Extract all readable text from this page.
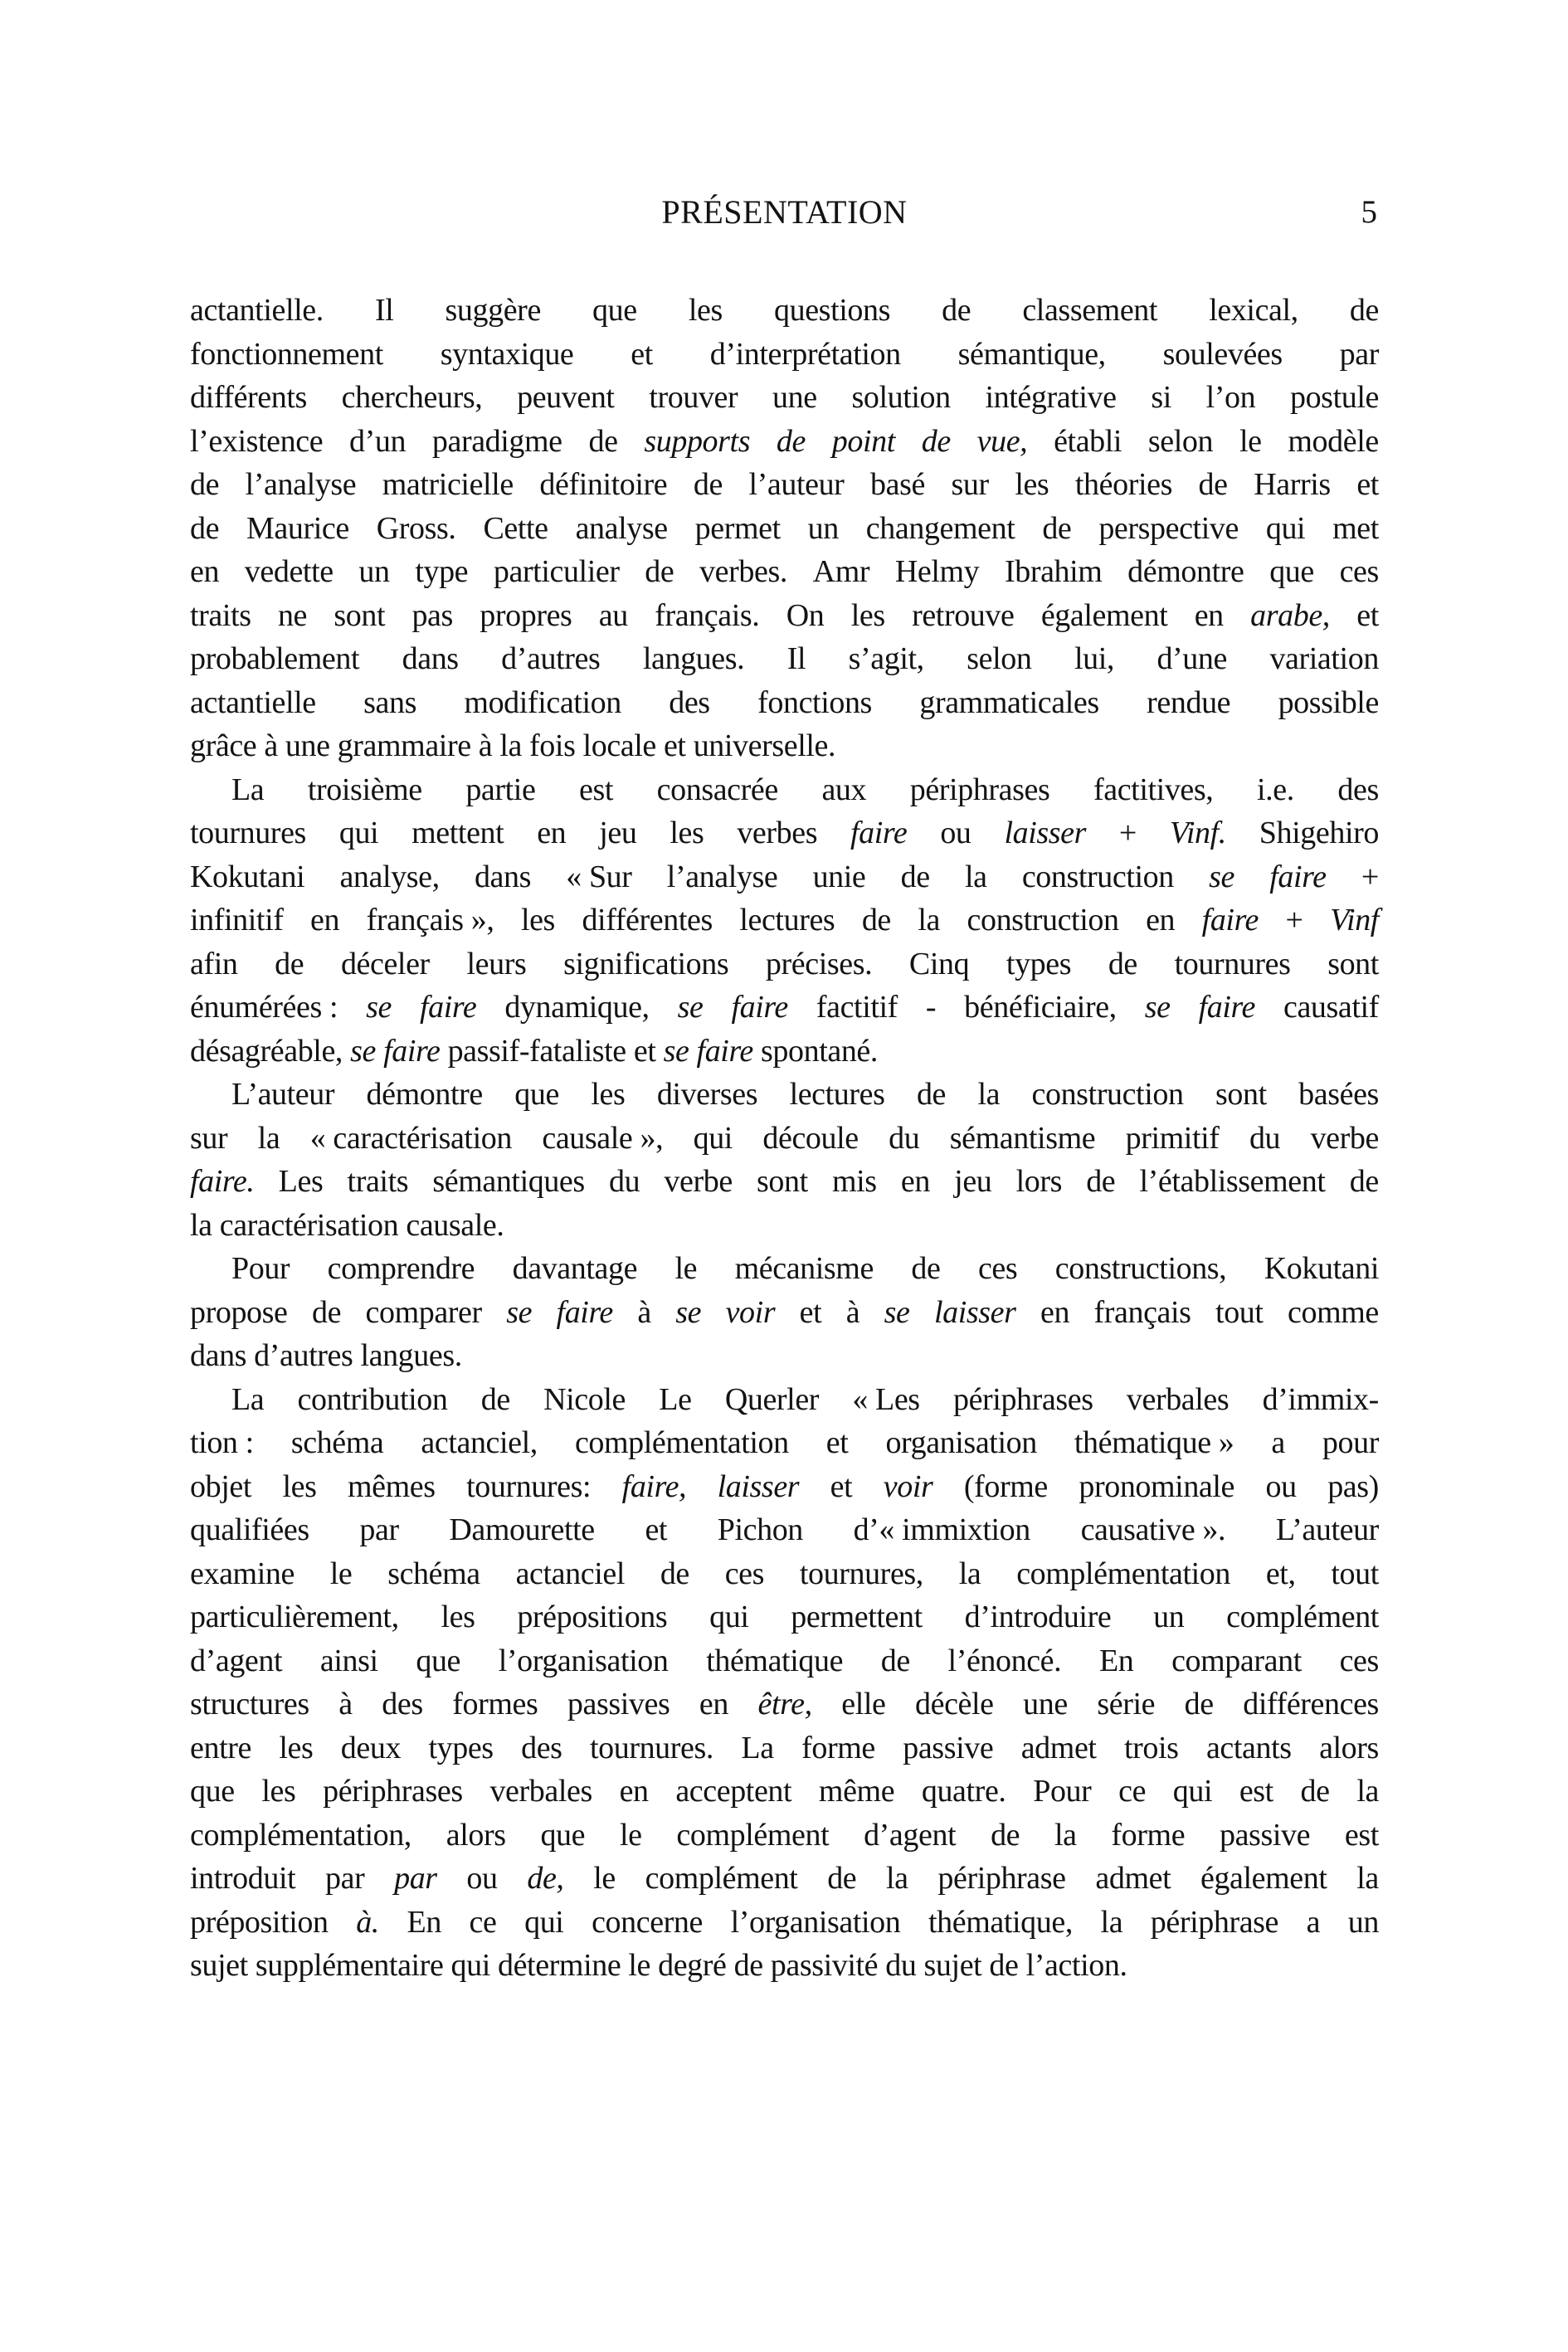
PRÉSENTATION	5
actantielle. Il suggère que les questions de classement lexical, de
fonctionnement syntaxique et d’interprétation sémantique, soulevées par
différents chercheurs, peuvent trouver une solution intégrative si l’on postule
l’existence d’un paradigme de supports de point de vue, établi selon le modèle
de l’analyse matricielle définitoire de l’auteur basé sur les théories de Harris et
de Maurice Gross. Cette analyse permet un changement de perspective qui met
en vedette un type particulier de verbes. Amr Helmy Ibrahim démontre que ces
traits ne sont pas propres au français. On les retrouve également en arabe, et
probablement dans d’autres langues. Il s’agit, selon lui, d’une variation
actantielle sans modification des fonctions grammaticales rendue possible
grâce à une grammaire à la fois locale et universelle.
La troisième partie est consacrée aux périphrases factitives, i.e. des
tournures qui mettent en jeu les verbes faire ou laisser + Vinf. Shigehiro
Kokutani analyse, dans « Sur l’analyse unie de la construction se faire +
infinitif en français », les différentes lectures de la construction en faire + Vinf
afin de déceler leurs significations précises. Cinq types de tournures sont
énumérées : se faire dynamique, se faire factitif - bénéficiaire, se faire causatif
désagréable, se faire passif-fataliste et se faire spontané.
L’auteur démontre que les diverses lectures de la construction sont basées
sur la « caractérisation causale », qui découle du sémantisme primitif du verbe
faire. Les traits sémantiques du verbe sont mis en jeu lors de l’établissement de
la caractérisation causale.
Pour comprendre davantage le mécanisme de ces constructions, Kokutani
propose de comparer se faire à se voir et à se laisser en français tout comme
dans d’autres langues.
La contribution de Nicole Le Querler « Les périphrases verbales d’immix-
tion : schéma actanciel, complémentation et organisation thématique » a pour
objet les mêmes tournures: faire, laisser et voir (forme pronominale ou pas)
qualifiées par Damourette et Pichon d’« immixtion causative ». L’auteur
examine le schéma actanciel de ces tournures, la complémentation et, tout
particulièrement, les prépositions qui permettent d’introduire un complément
d’agent ainsi que l’organisation thématique de l’énoncé. En comparant ces
structures à des formes passives en être, elle décèle une série de différences
entre les deux types des tournures. La forme passive admet trois actants alors
que les périphrases verbales en acceptent même quatre. Pour ce qui est de la
complémentation, alors que le complément d’agent de la forme passive est
introduit par par ou de, le complément de la périphrase admet également la
préposition à. En ce qui concerne l’organisation thématique, la périphrase a un
sujet supplémentaire qui détermine le degré de passivité du sujet de l’action.
